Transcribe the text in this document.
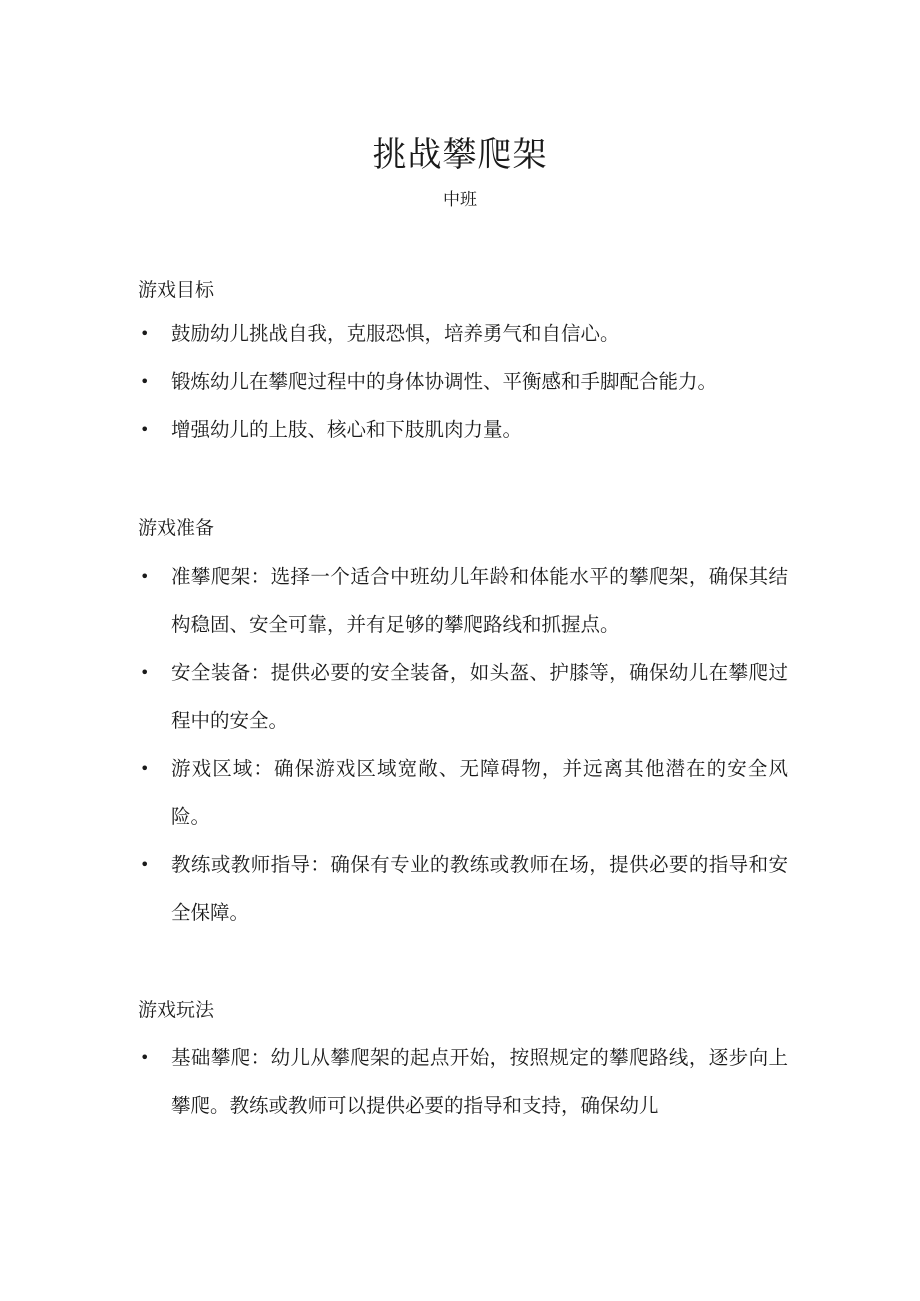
挑战攀爬架
中班
游戏目标
• 鼓励幼儿挑战自我，克服恐惧，培养勇气和自信心。
• 锻炼幼儿在攀爬过程中的身体协调性、平衡感和手脚配合能力。
• 增强幼儿的上肢、核心和下肢肌肉力量。
游戏准备
• 准攀爬架：选择一个适合中班幼儿年龄和体能水平的攀爬架，确保其结构稳固、安全可靠，并有足够的攀爬路线和抓握点。
• 安全装备：提供必要的安全装备，如头盔、护膝等，确保幼儿在攀爬过程中的安全。
• 游戏区域：确保游戏区域宽敞、无障碍物，并远离其他潜在的安全风险。
• 教练或教师指导：确保有专业的教练或教师在场，提供必要的指导和安全保障。
游戏玩法
• 基础攀爬：幼儿从攀爬架的起点开始，按照规定的攀爬路线，逐步向上攀爬。教练或教师可以提供必要的指导和支持，确保幼儿
